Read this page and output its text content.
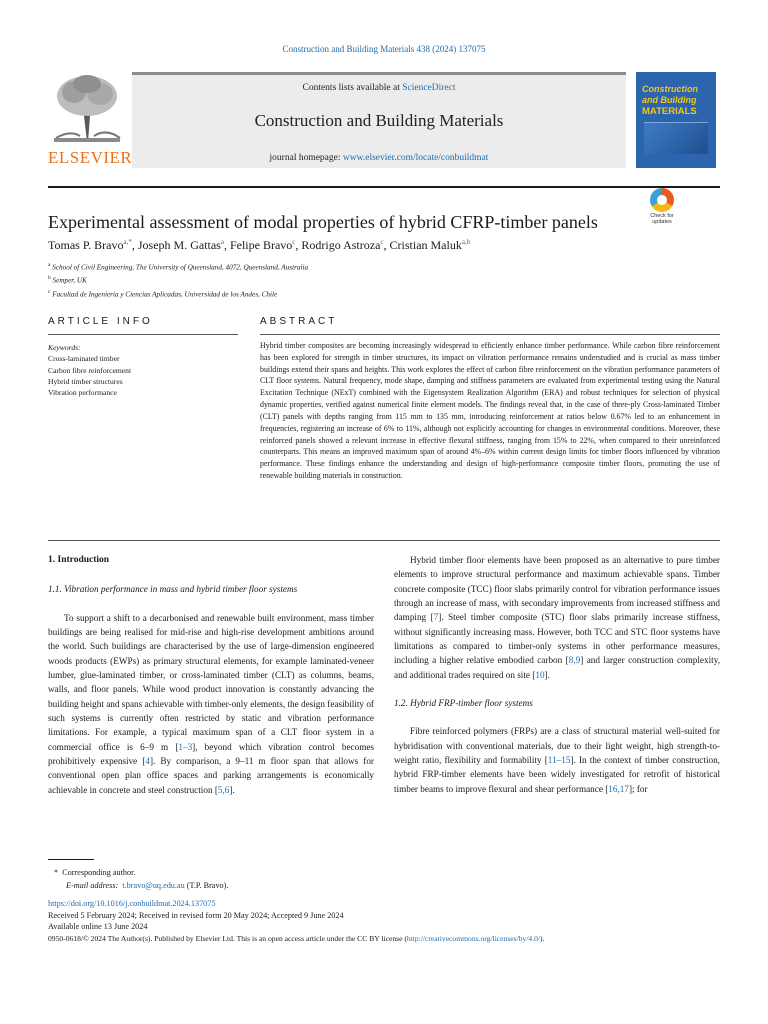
Construction and Building Materials 438 (2024) 137075
ELSEVIER
Contents lists available at ScienceDirect
Construction and Building Materials
journal homepage: www.elsevier.com/locate/conbuildmat
Construction
and Building
MATERIALS
Experimental assessment of modal properties of hybrid CFRP-timber panels	Check for
updates
Tomas P. Bravo$^{a,*}$, Joseph M. Gattas$^a$, Felipe Bravo$^c$, Rodrigo Astroza$^c$, Cristian Maluk$^{a,b}$
$^a$ School of Civil Engineering, The University of Queensland, 4072, Queensland, Australia
$^b$ Semper, UK
$^c$ Facultad de Ingeniería y Ciencias Aplicadas, Universidad de los Andes, Chile
ARTICLE INFO
Keywords:
Cross-laminated timber
Carbon fibre reinforcement
Hybrid timber structures
Vibration performance
ABSTRACT
Hybrid timber composites are becoming increasingly widespread to efficiently enhance timber performance. While carbon fibre reinforcement has been explored for strength in timber structures, its impact on vibration performance remains understudied and is crucial as mass timber buildings extend their spans and heights. This work explores the effect of carbon fibre reinforcement on the vibration performance parameters of CLT floor systems. Natural frequency, mode shape, damping and stiffness parameters are evaluated from experimental testing using the Natural Excitation Technique (NExT) combined with the Eigensystem Realization Algorithm (ERA) and robust techniques for selection of physical dynamic properties, verified against numerical finite element models. The findings reveal that, in the case of three-ply Cross-laminated Timber (CLT) panels with depths ranging from 115 mm to 135 mm, introducing reinforcement at ratios below 0.67% led to an enhancement in frequencies, registering an increase of 6% to 11%, although not explicitly accounting for changes in environmental conditions. Moreover, these reinforced panels showed a relevant increase in effective flexural stiffness, ranging from 15% to 22%, when compared to their unreinforced counterparts. This means an improved maximum span of around 4%–6% within current design limits for timber floors influenced by vibration performance. These findings enhance the understanding and design of high-performance composite timber floors, promoting the use of renewable building materials in construction.
1. Introduction
1.1. Vibration performance in mass and hybrid timber floor systems

To support a shift to a decarbonised and renewable built environment, mass timber buildings are being realised for mid-rise and high-rise development ambitions around the world. Such buildings are characterised by the use of large-dimension engineered woods products (EWPs) as primary structural elements, for example laminated-veneer lumber, glue-laminated timber, or cross-laminated timber (CLT) as columns, beams, walls, and floor panels. While wood product innovation is constantly advancing the building height and spans achievable with timber-only elements, the design feasibility of such systems is currently often restricted by static and vibration performance limitations. For example, a typical maximum span of a CLT floor system in a commercial office is 6–9 m [1–3], beyond which vibration control becomes prohibitively expensive [4]. By comparison, a 9–11 m floor span that allows for conventional open plan office spaces and parking arrangements is economically achievable in concrete and steel construction [5,6].

Hybrid timber floor elements have been proposed as an alternative to pure timber elements to improve structural performance and maximum achievable spans. Timber concrete composite (TCC) floor slabs primarily control for vibration performance issues through an increase of mass, with secondary improvements from increased stiffness and damping [7]. Steel timber composite (STC) floor slabs primarily increase stiffness, without significantly increasing mass. However, both TCC and STC floor systems have limitations as compared to timber-only systems in other performance measures, including a higher relative embodied carbon [8,9] and larger construction complexity, and additional trades required on site [10].

1.2. Hybrid FRP-timber floor systems

Fibre reinforced polymers (FRPs) are a class of structural material well-suited for hybridisation with conventional materials, due to their light weight, high strength-to-weight ratio, flexibility and formability [11–15]. In the context of timber construction, hybrid FRP-timber elements have been widely investigated for retrofit of historical timber beams to improve flexural and shear performance [16,17]; for

* Corresponding author.
E-mail address: t.bravo@uq.edu.au (T.P. Bravo).
https://doi.org/10.1016/j.conbuildmat.2024.137075
Received 5 February 2024; Received in revised form 20 May 2024; Accepted 9 June 2024
Available online 13 June 2024
0950-0618/© 2024 The Author(s). Published by Elsevier Ltd. This is an open access article under the CC BY license (http://creativecommons.org/licenses/by/4.0/).
